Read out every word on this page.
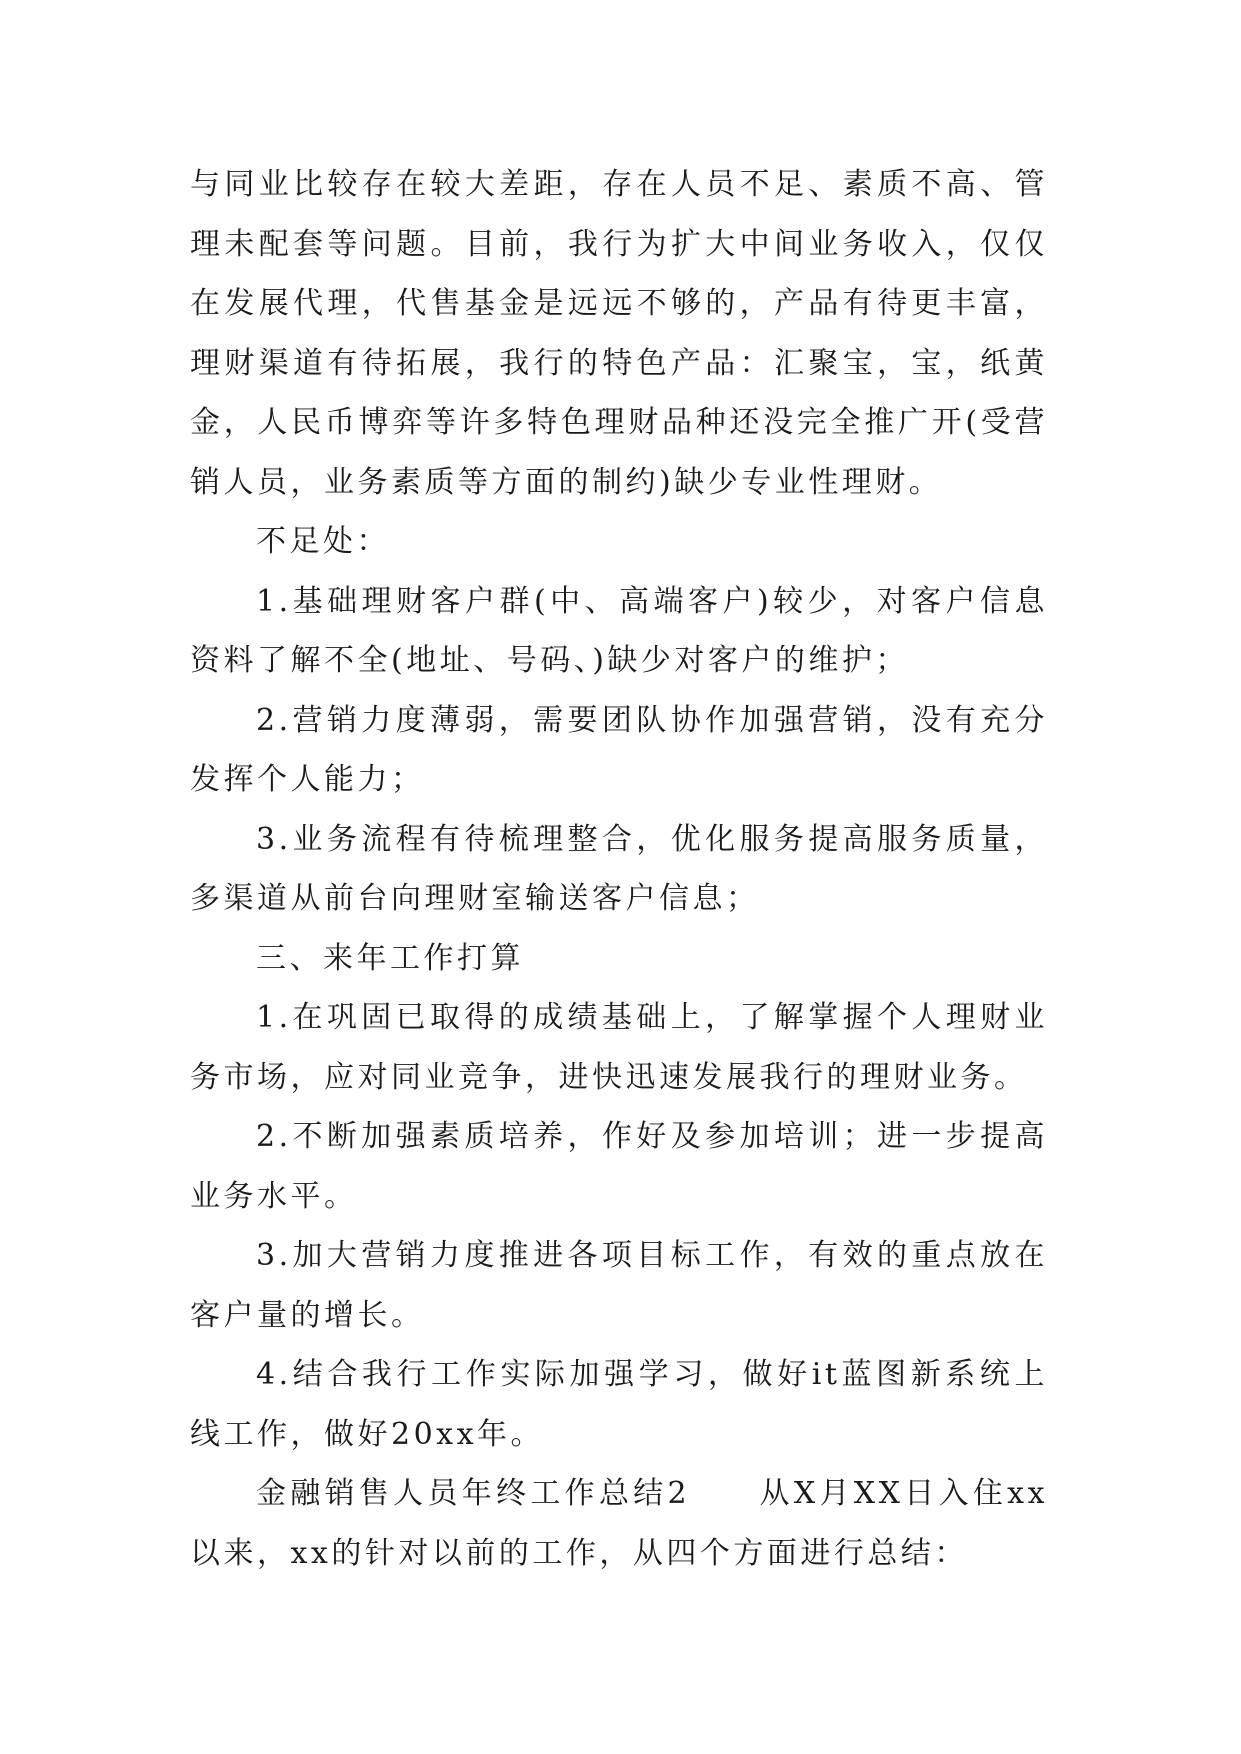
与同业比较存在较大差距，存在人员不足、素质不高、管理未配套等问题。目前，我行为扩大中间业务收入，仅仅在发展代理，代售基金是远远不够的，产品有待更丰富，理财渠道有待拓展，我行的特色产品：汇聚宝，宝，纸黄金，人民币博弈等许多特色理财品种还没完全推广开(受营销人员，业务素质等方面的制约)缺少专业性理财。

不足处：

1.基础理财客户群(中、高端客户)较少，对客户信息资料了解不全(地址、号码、)缺少对客户的维护；

2.营销力度薄弱，需要团队协作加强营销，没有充分发挥个人能力；

3.业务流程有待梳理整合，优化服务提高服务质量，多渠道从前台向理财室输送客户信息；

三、来年工作打算

1.在巩固已取得的成绩基础上，了解掌握个人理财业务市场，应对同业竞争，进快迅速发展我行的理财业务。

2.不断加强素质培养，作好及参加培训；进一步提高业务水平。

3.加大营销力度推进各项目标工作，有效的重点放在客户量的增长。

4.结合我行工作实际加强学习，做好it蓝图新系统上线工作，做好20xx年。

金融销售人员年终工作总结2　　从X月XX日入住xx以来，xx的针对以前的工作，从四个方面进行总结：
